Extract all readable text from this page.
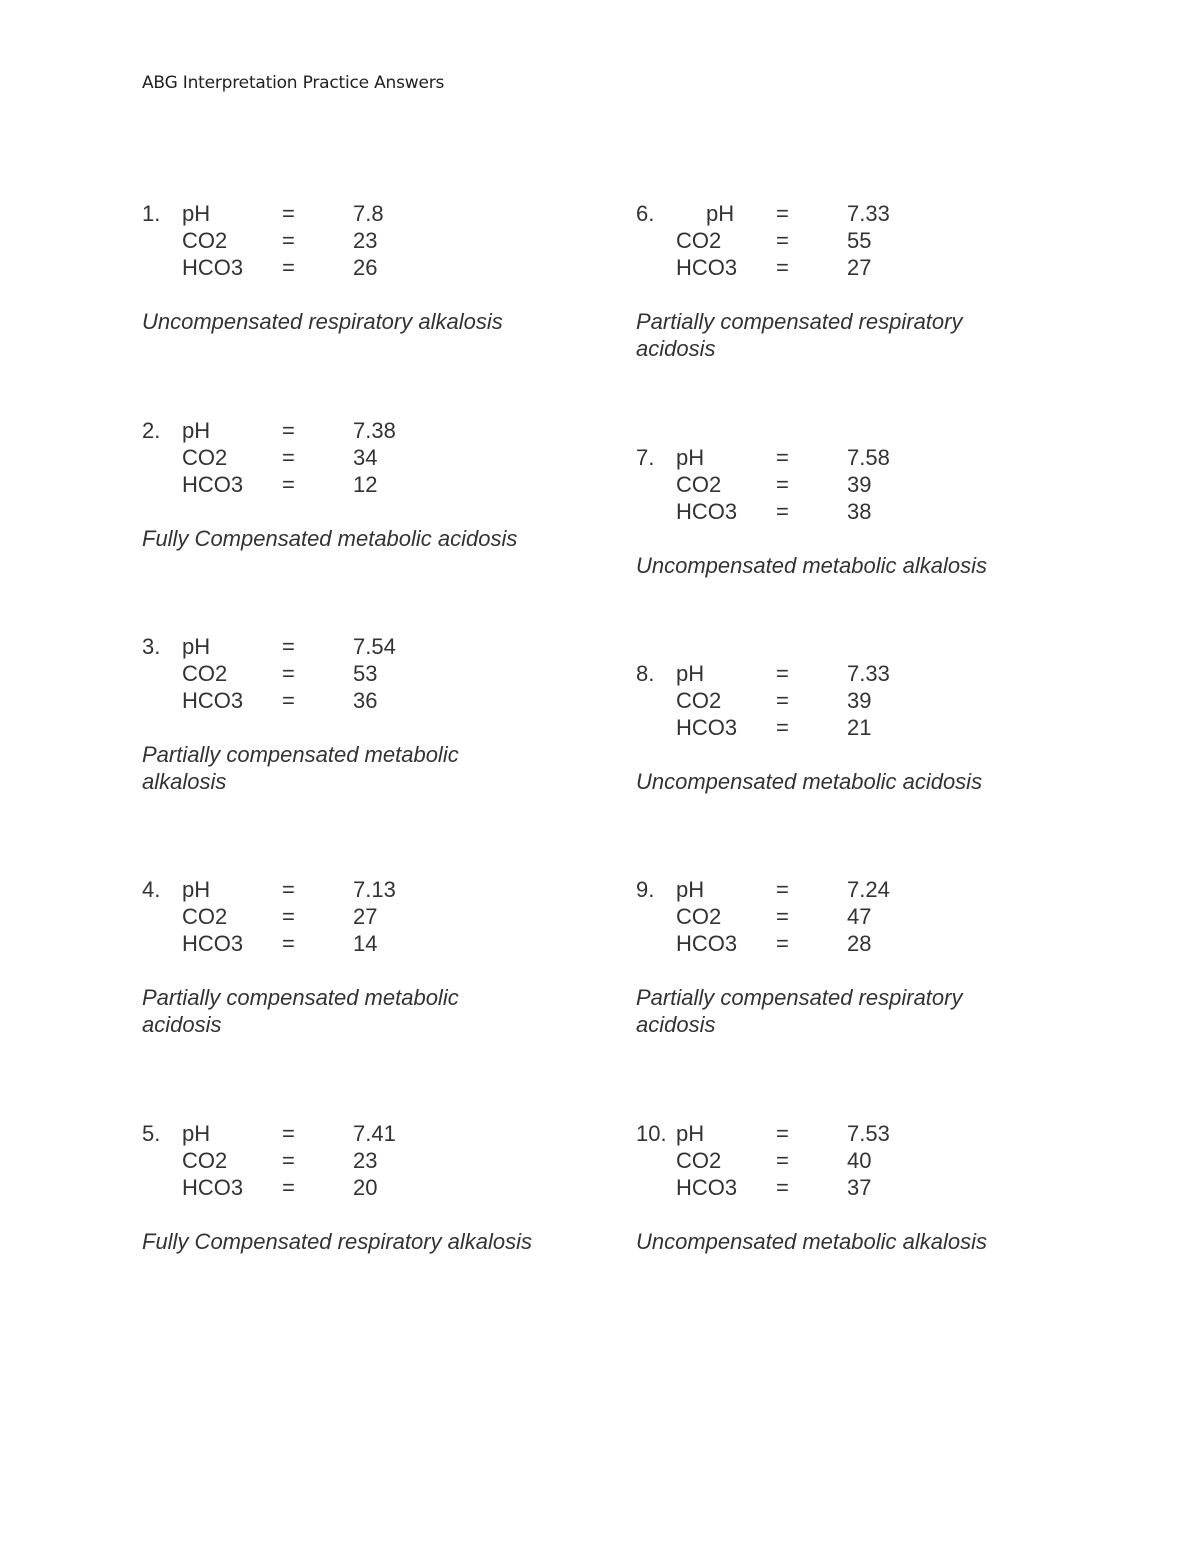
ABG Interpretation Practice Answers
1. pH	=	7.8
CO2 =	23
HCO3 =	26
Uncompensated respiratory alkalosis
2. pH	=	7.38
CO2 =	34
HCO3 =	12
Fully Compensated metabolic acidosis
3. pH	=	7.54
CO2 =	53
HCO3 =	36
Partially compensated metabolic alkalosis
4. pH	=	7.13
CO2 =	27
HCO3 =	14
Partially compensated metabolic acidosis
5. pH	=	7.41
CO2 =	23
HCO3 =	20
Fully Compensated respiratory alkalosis
6. pH =	7.33
CO2 =	55
HCO3 =	27
Partially compensated respiratory acidosis
7. pH	=	7.58
CO2 =	39
HCO3 =	38
Uncompensated metabolic alkalosis
8. pH	=	7.33
CO2 =	39
HCO3 =	21
Uncompensated metabolic acidosis
9. pH	=	7.24
CO2 =	47
HCO3 =	28
Partially compensated respiratory acidosis
10. pH	=	7.53
CO2 =	40
HCO3 =	37
Uncompensated metabolic alkalosis
